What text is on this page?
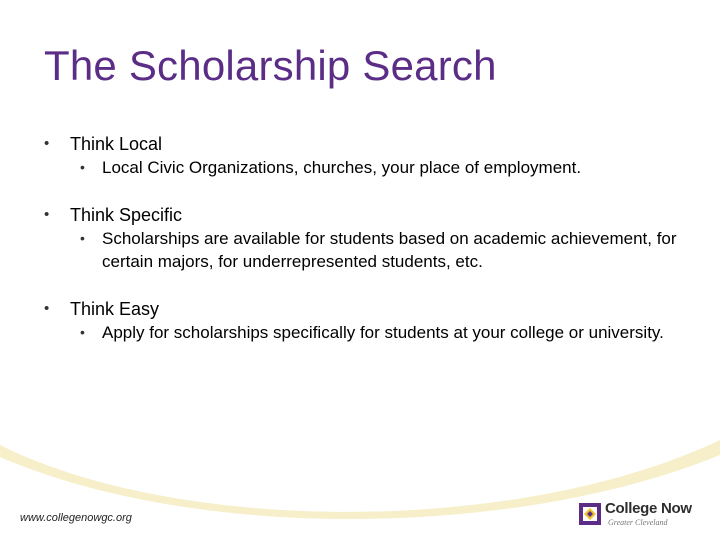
The Scholarship Search
• Think Local
• Local Civic Organizations, churches, your place of employment.
• Think Specific
• Scholarships are available for students based on academic achievement, for certain majors, for underrepresented students, etc.
• Think Easy
• Apply for scholarships specifically for students at your college or university.
www.collegenowgc.org
College Now
Greater Cleveland
